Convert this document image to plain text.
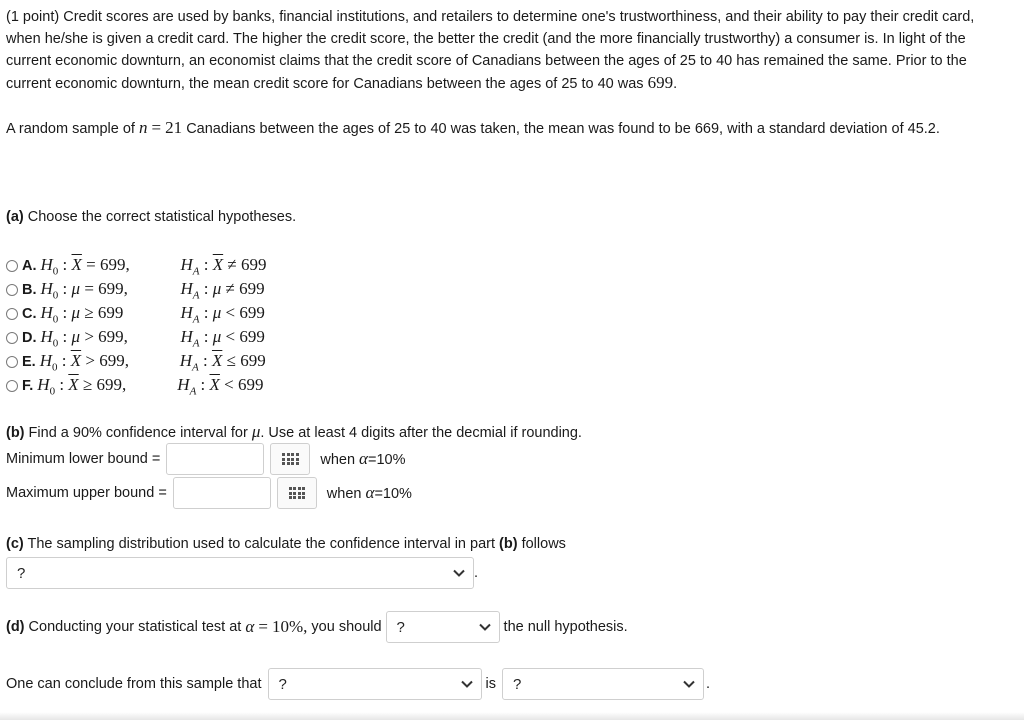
(1 point) Credit scores are used by banks, financial institutions, and retailers to determine one's trustworthiness, and their ability to pay their credit card, when he/she is given a credit card. The higher the credit score, the better the credit (and the more financially trustworthy) a consumer is. In light of the current economic downturn, an economist claims that the credit score of Canadians between the ages of 25 to 40 has remained the same. Prior to the current economic downturn, the mean credit score for Canadians between the ages of 25 to 40 was 699.
A random sample of n = 21 Canadians between the ages of 25 to 40 was taken, the mean was found to be 669, with a standard deviation of 45.2.
(a) Choose the correct statistical hypotheses.
A. $H_0$ : $\overline{X} = 699$,	$H_A$ : $\overline{X} \ne 699$
B. $H_0$ : μ = 699,	$H_A$ : μ ≠ 699
C. $H_0$ : μ ≥ 699	$H_A$ : μ < 699
D. $H_0$ : μ > 699,	$H_A$ : μ < 699
E. $H_0$ : $\overline{X} > 699$,	$H_A$ : $\overline{X} \le 699$
F. $H_0$ : $\overline{X} \ge 699$,	$H_A$ : $\overline{X} < 699$
(b) Find a 90% confidence interval for μ. Use at least 4 digits after the decmial if rounding.
Minimum lower bound =	when α=10%
Maximum upper bound =	when α=10%
(c) The sampling distribution used to calculate the confidence interval in part (b) follows
?	.
(d)
Conducting your statistical test at
α
=
10%,
you should ?	the null hypothesis.
One can conclude from this sample that ?	is ?	.
